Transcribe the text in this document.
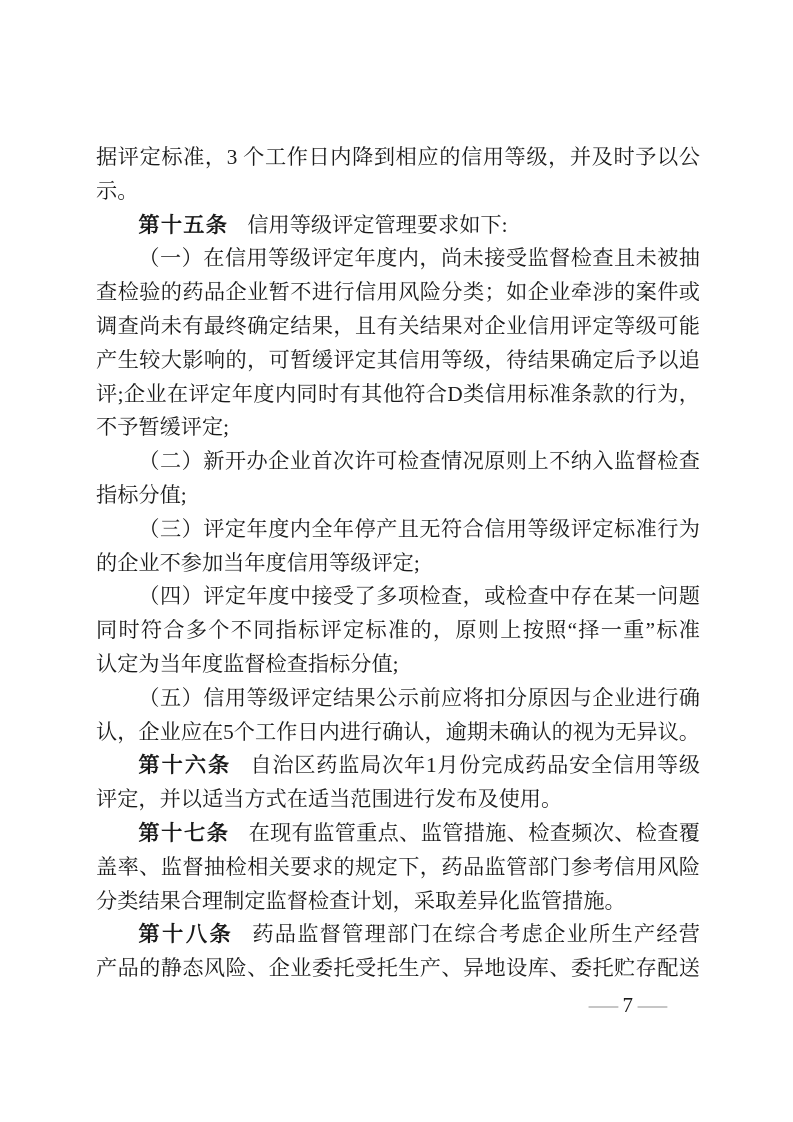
据评定标准，3 个工作日内降到相应的信用等级，并及时予以公
示。
第十五条 信用等级评定管理要求如下:
（一）在信用等级评定年度内，尚未接受监督检查且未被抽
查检验的药品企业暂不进行信用风险分类；如企业牵涉的案件或
调查尚未有最终确定结果，且有关结果对企业信用评定等级可能
产生较大影响的，可暂缓评定其信用等级，待结果确定后予以追
评;企业在评定年度内同时有其他符合D类信用标准条款的行为，
不予暂缓评定;
（二）新开办企业首次许可检查情况原则上不纳入监督检查
指标分值;
（三）评定年度内全年停产且无符合信用等级评定标准行为
的企业不参加当年度信用等级评定;
（四）评定年度中接受了多项检查，或检查中存在某一问题
同时符合多个不同指标评定标准的，原则上按照“择一重”标准
认定为当年度监督检查指标分值;
（五）信用等级评定结果公示前应将扣分原因与企业进行确
认，企业应在5个工作日内进行确认，逾期未确认的视为无异议。
第十六条 自治区药监局次年1月份完成药品安全信用等级
评定，并以适当方式在适当范围进行发布及使用。
第十七条 在现有监管重点、监管措施、检查频次、检查覆
盖率、监督抽检相关要求的规定下，药品监管部门参考信用风险
分类结果合理制定监督检查计划，采取差异化监管措施。
第十八条 药品监督管理部门在综合考虑企业所生产经营
产品的静态风险、企业委托受托生产、异地设库、委托贮存配送
— 7 —
